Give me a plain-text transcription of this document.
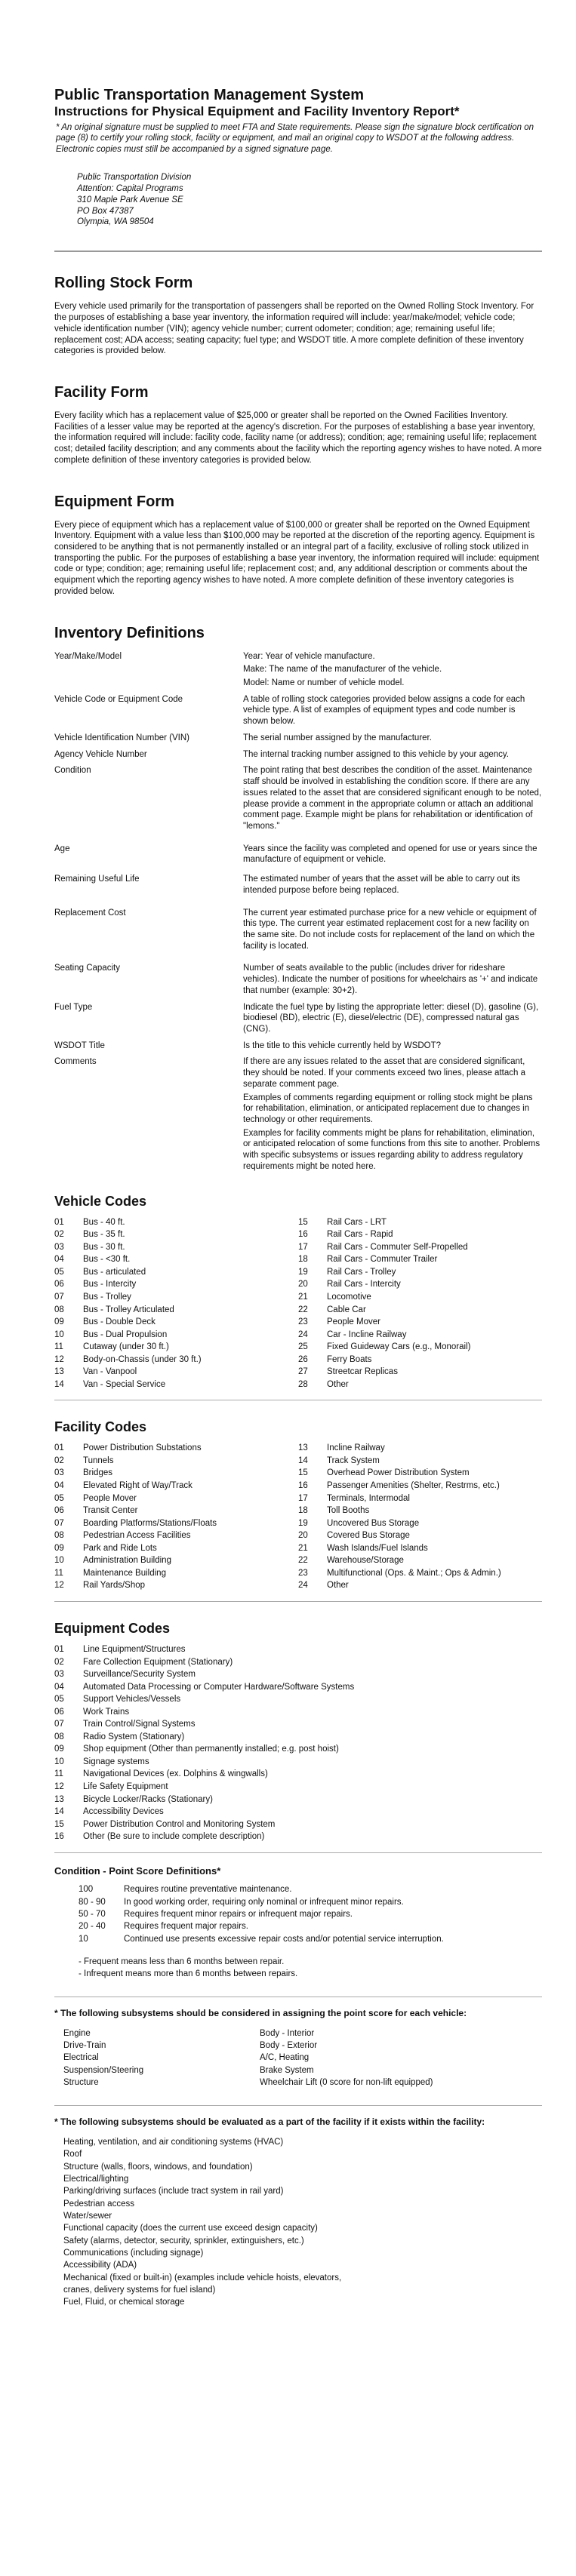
Public Transportation Management System
Instructions for Physical Equipment and Facility Inventory Report*

* An original signature must be supplied to meet FTA and State requirements. Please sign the signature block certification on page (8) to certify your rolling stock, facility or equipment, and mail an original copy to WSDOT at the following address. Electronic copies must still be accompanied by a signed signature page.

Public Transportation Division
Attention: Capital Programs
310 Maple Park Avenue SE
PO Box 47387
Olympia, WA 98504
Rolling Stock Form

Every vehicle used primarily for the transportation of passengers shall be reported on the Owned Rolling Stock Inventory. For the purposes of establishing a base year inventory, the information required will include: year/make/model; vehicle code; vehicle identification number (VIN); agency vehicle number; current odometer; condition; age; remaining useful life; replacement cost; ADA access; seating capacity; fuel type; and WSDOT title. A more complete definition of these inventory categories is provided below.

Facility Form

Every facility which has a replacement value of $25,000 or greater shall be reported on the Owned Facilities Inventory. Facilities of a lesser value may be reported at the agency's discretion. For the purposes of establishing a base year inventory, the information required will include: facility code, facility name (or address); condition; age; remaining useful life; replacement cost; detailed facility description; and any comments about the facility which the reporting agency wishes to have noted. A more complete definition of these inventory categories is provided below.

Equipment Form

Every piece of equipment which has a replacement value of $100,000 or greater shall be reported on the Owned Equipment Inventory. Equipment with a value less than $100,000 may be reported at the discretion of the reporting agency. Equipment is considered to be anything that is not permanently installed or an integral part of a facility, exclusive of rolling stock utilized in transporting the public. For the purposes of establishing a base year inventory, the information required will include: equipment code or type; condition; age; remaining useful life; replacement cost; and, any additional description or comments about the equipment which the reporting agency wishes to have noted. A more complete definition of these inventory categories is provided below.

Inventory Definitions
Year/Make/Model	Year: Year of vehicle manufacture.

Make: The name of the manufacturer of the vehicle.

Model: Name or number of vehicle model.

Vehicle Code or Equipment Code	A table of rolling stock categories provided below assigns a code for each vehicle type. A list of examples of equipment types and code number is shown below.

Vehicle Identification Number (VIN)	The serial number assigned by the manufacturer.

Agency Vehicle Number	The internal tracking number assigned to this vehicle by your agency.

Condition	The point rating that best describes the condition of the asset. Maintenance staff should be involved in establishing the condition score. If there are any issues related to the asset that are considered significant enough to be noted, please provide a comment in the appropriate column or attach an additional comment page. Example might be plans for rehabilitation or identification of "lemons."

Age	Years since the facility was completed and opened for use or years since the manufacture of equipment or vehicle.

Remaining Useful Life	The estimated number of years that the asset will be able to carry out its intended purpose before being replaced.

Replacement Cost	The current year estimated purchase price for a new vehicle or equipment of this type. The current year estimated replacement cost for a new facility on the same site. Do not include costs for replacement of the land on which the facility is located.

Seating Capacity	Number of seats available to the public (includes driver for rideshare vehicles). Indicate the number of positions for wheelchairs as '+' and indicate that number (example: 30+2).

Fuel Type	Indicate the fuel type by listing the appropriate letter: diesel (D), gasoline (G), biodiesel (BD), electric (E), diesel/electric (DE), compressed natural gas (CNG).

WSDOT Title	Is the title to this vehicle currently held by WSDOT?

Comments	If there are any issues related to the asset that are considered significant, they should be noted. If your comments exceed two lines, please attach a separate comment page.

Examples of comments regarding equipment or rolling stock might be plans for rehabilitation, elimination, or anticipated replacement due to changes in technology or other requirements.

Examples for facility comments might be plans for rehabilitation, elimination, or anticipated relocation of some functions from this site to another. Problems with specific subsystems or issues regarding ability to address regulatory requirements might be noted here.

Vehicle Codes
01	Bus - 40 ft.
02	Bus - 35 ft.
03	Bus - 30 ft.
04	Bus - <30 ft.
05	Bus - articulated
06	Bus - Intercity
07	Bus - Trolley
08	Bus - Trolley Articulated
09	Bus - Double Deck
10	Bus - Dual Propulsion
11	Cutaway (under 30 ft.)
12	Body-on-Chassis (under 30 ft.)
13	Van - Vanpool
14	Van - Special Service
15	Rail Cars - LRT
16	Rail Cars - Rapid
17	Rail Cars - Commuter Self-Propelled
18	Rail Cars - Commuter Trailer
19	Rail Cars - Trolley
20	Rail Cars - Intercity
21	Locomotive
22	Cable Car
23	People Mover
24	Car - Incline Railway
25	Fixed Guideway Cars (e.g., Monorail)
26	Ferry Boats
27	Streetcar Replicas
28	Other
Facility Codes
01	Power Distribution Substations
02	Tunnels
03	Bridges
04	Elevated Right of Way/Track
05	People Mover
06	Transit Center
07	Boarding Platforms/Stations/Floats
08	Pedestrian Access Facilities
09	Park and Ride Lots
10	Administration Building
11	Maintenance Building
12	Rail Yards/Shop
13	Incline Railway
14	Track System
15	Overhead Power Distribution System
16	Passenger Amenities (Shelter, Restrms, etc.)
17	Terminals, Intermodal
18	Toll Booths
19	Uncovered Bus Storage
20	Covered Bus Storage
21	Wash Islands/Fuel Islands
22	Warehouse/Storage
23	Multifunctional (Ops. & Maint.; Ops & Admin.)
24	Other
Equipment Codes
01	Line Equipment/Structures
02	Fare Collection Equipment (Stationary)
03	Surveillance/Security System
04	Automated Data Processing or Computer Hardware/Software Systems
05	Support Vehicles/Vessels
06	Work Trains
07	Train Control/Signal Systems
08	Radio System (Stationary)
09	Shop equipment (Other than permanently installed; e.g. post hoist)
10	Signage systems
11	Navigational Devices (ex. Dolphins & wingwalls)
12	Life Safety Equipment
13	Bicycle Locker/Racks (Stationary)
14	Accessibility Devices
15	Power Distribution Control and Monitoring System
16	Other (Be sure to include complete description)
Condition - Point Score Definitions*
100	Requires routine preventative maintenance.
80 - 90	In good working order, requiring only nominal or infrequent minor repairs.
50 - 70	Requires frequent minor repairs or infrequent major repairs.
20 - 40	Requires frequent major repairs.
10	Continued use presents excessive repair costs and/or potential service interruption.
- Frequent means less than 6 months between repair.
- Infrequent means more than 6 months between repairs.
* The following subsystems should be considered in assigning the point score for each vehicle:
Engine
Drive-Train
Electrical
Suspension/Steering
Structure
Body - Interior
Body - Exterior
A/C, Heating
Brake System
Wheelchair Lift (0 score for non-lift equipped)
* The following subsystems should be evaluated as a part of the facility if it exists within the facility:
Heating, ventilation, and air conditioning systems (HVAC)
Roof
Structure (walls, floors, windows, and foundation)
Electrical/lighting
Parking/driving surfaces (include tract system in rail yard)
Pedestrian access
Water/sewer
Functional capacity (does the current use exceed design capacity)
Safety (alarms, detector, security, sprinkler, extinguishers, etc.)
Communications (including signage)
Accessibility (ADA)
Mechanical (fixed or built-in) (examples include vehicle hoists, elevators,
cranes, delivery systems for fuel island)
Fuel, Fluid, or chemical storage
